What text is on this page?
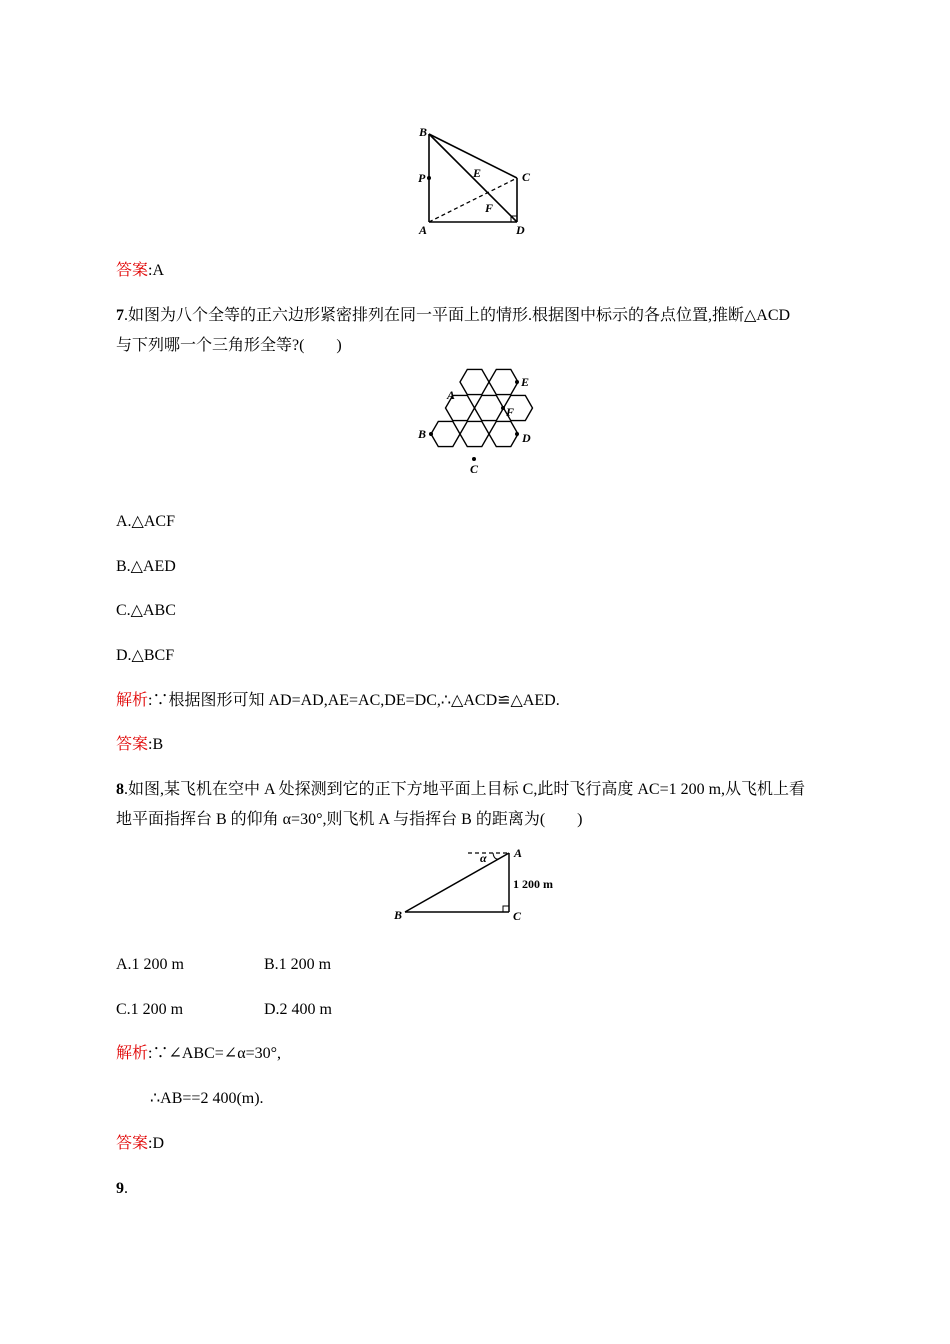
B
P	E	C
F
A	D
答案:A
7.如图为八个全等的正六边形紧密排列在同一平面上的情形.根据图中标示的各点位置,推断△ACD
与下列哪一个三角形全等?(　　)
A
E
F
B	D
C
A.△ACF
B.△AED
C.△ABC
D.△BCF
解析:∵根据图形可知 AD=AD,AE=AC,DE=DC,∴△ACD≌△AED.
答案:B
8.如图,某飞机在空中 A 处探测到它的正下方地平面上目标 C,此时飞行高度 AC=1 200 m,从飞机上看
地平面指挥台 B 的仰角 α=30°,则飞机 A 与指挥台 B 的距离为(　　)
α A
1 200 m
B	C
A.1 200 m	B.1 200 m
C.1 200 m	D.2 400 m
解析:∵∠ABC=∠α=30°,
∴AB==2 400(m).
答案:D
9.
